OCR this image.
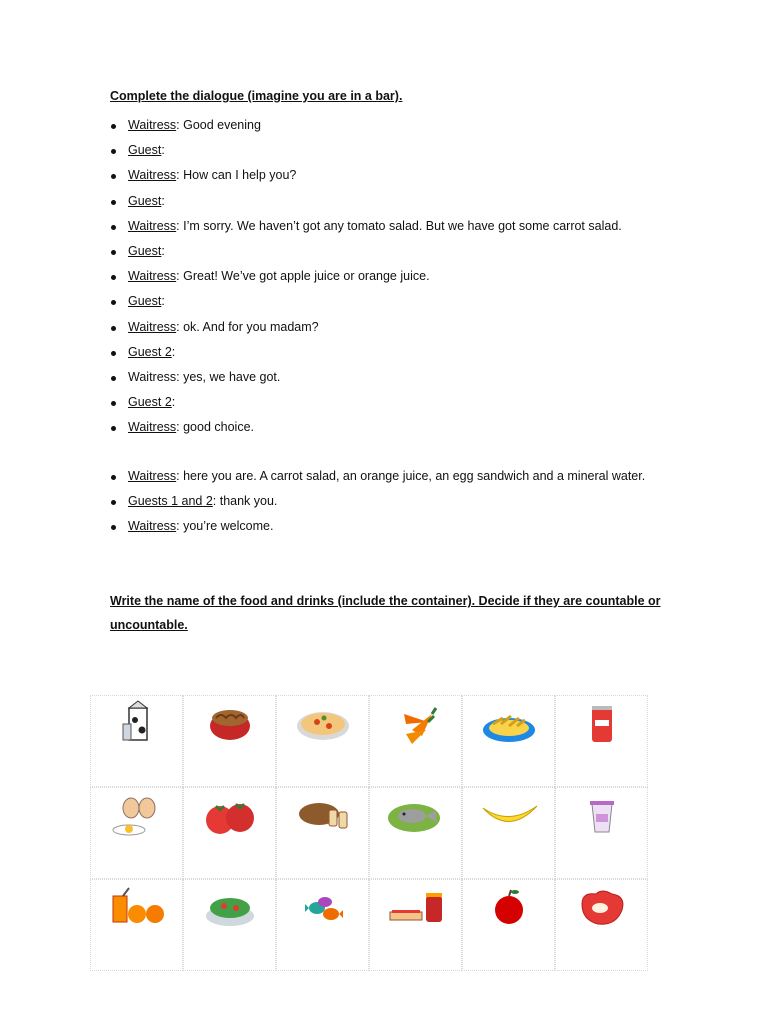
Complete the dialogue (imagine you are in a bar).

Waitress: Good evening
Guest:
Waitress: How can I help you?
Guest:
Waitress: I’m sorry. We haven’t got any tomato salad. But we have got some carrot salad.
Guest:
Waitress: Great! We’ve got apple juice or orange juice.
Guest:
Waitress: ok. And for you madam?
Guest 2:
Waitress: yes, we have got.
Guest 2:
Waitress: good choice.
Waitress: here you are. A carrot salad, an orange juice, an egg sandwich and a mineral water.
Guests 1 and 2: thank you.
Waitress: you’re welcome.

Write the name of the food and drinks (include the container). Decide if they are countable or uncountable.
